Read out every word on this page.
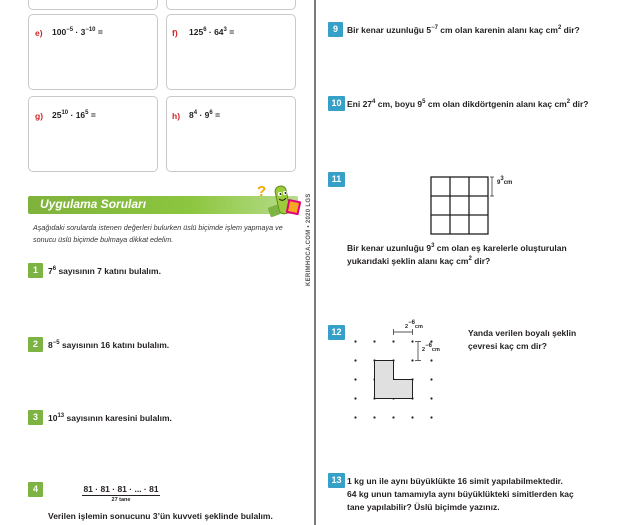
e) $100^{-5} \cdot 3^{-10}$ =	f) $125^6 \cdot 64^3$ =
g) $25^{10} \cdot 16^5$ =	h) $8^4 \cdot 9^6$ =
Uygulama Soruları
?
Aşağıdaki sorularda istenen değerleri bulurken üslü biçimde işlem yapmaya ve sonucu üslü biçimde bulmaya dikkat edelim.
1	$7^6$ sayısının 7 katını bulalım.
2	$8^{-5}$ sayısının 16 katını bulalım.
3	$10^{13}$ sayısının karesini bulalım.
4	81 · 81 · 81 · ... · 81
27 tane
Verilen işlemin sonucunu 3’ün kuvveti şeklinde bulalım.
KERIMHOCA.COM • 2020 LGS
9	Bir kenar uzunluğu $5^{-7}$ cm olan karenin alanı kaç $cm^2$ dir?
10 Eni $27^4$ cm, boyu $9^5$ cm olan dikdörtgenin alanı kaç $cm^2$ dir?
11	$9^3cm$
Bir kenar uzunluğu $9^3$ cm olan eş karelerle oluşturulan
yukarıdaki şeklin alanı kaç $cm^2$ dir?
12	$2^{-6}cm$
$2^{-6}cm$
Yanda verilen boyalı şeklin
çevresi kaç cm dir?
13 1 kg un ile aynı büyüklükte 16 simit yapılabilmektedir.
64 kg unun tamamıyla aynı büyüklükteki simitlerden kaç
tane yapılabilir? Üslü biçimde yazınız.
